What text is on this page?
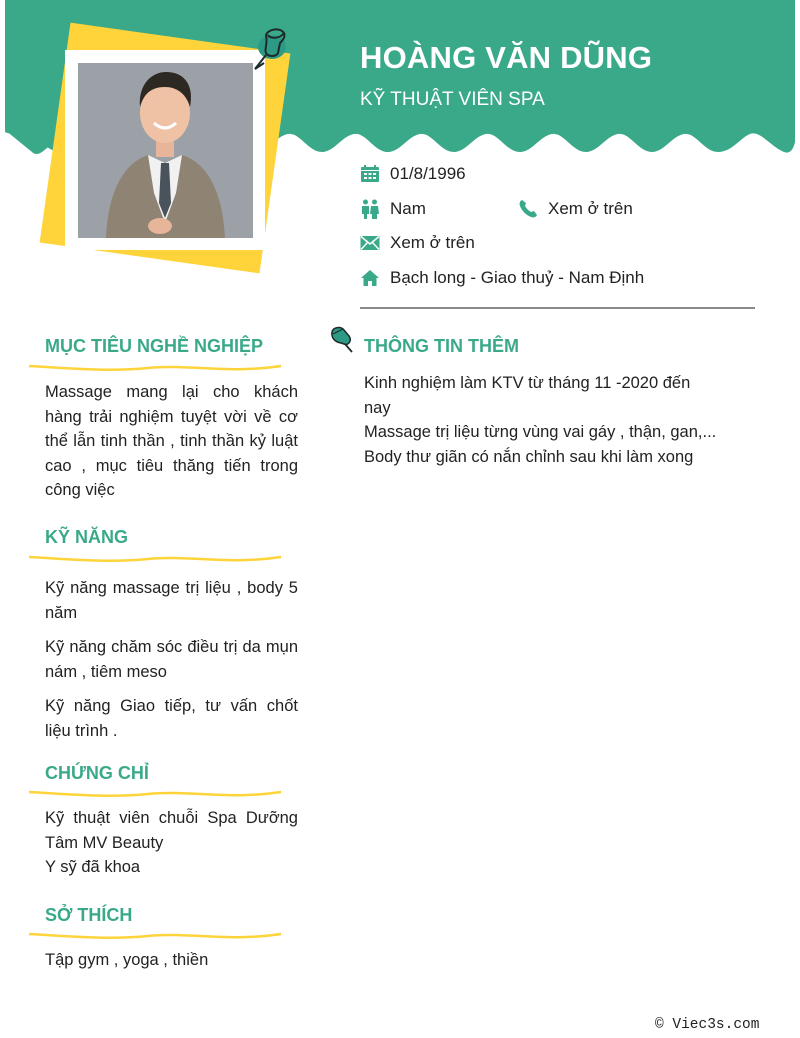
HOÀNG VĂN DŨNG
KỸ THUẬT VIÊN SPA
01/8/1996
Nam	Xem ở trên
Xem ở trên
Bạch long - Giao thuỷ - Nam Định
MỤC TIÊU NGHỀ NGHIỆP

Massage mang lại cho khách hàng trải nghiệm tuyệt vời về cơ thể lẫn tinh thần , tinh thần kỷ luật cao , mục tiêu thăng tiến trong công việc

KỸ NĂNG

Kỹ năng massage trị liệu , body 5 năm

Kỹ năng chăm sóc điều trị da mụn nám , tiêm meso

Kỹ năng Giao tiếp, tư vấn chốt liệu trình .

CHỨNG CHỈ

Kỹ thuật viên chuỗi Spa Dưỡng Tâm MV Beauty

Y sỹ đã khoa

SỞ THÍCH

Tập gym , yoga , thiền

THÔNG TIN THÊM

Kinh nghiệm làm KTV từ tháng 11 -2020 đến nay

Massage trị liệu từng vùng vai gáy , thận, gan,...

Body thư giãn có nắn chỉnh sau khi làm xong

© Viec3s.com
